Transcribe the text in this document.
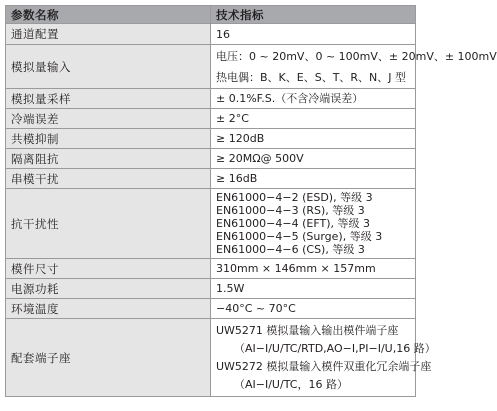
参数名称	技术指标
通道配置	16

模拟量输入	电压：0 ~ 20mV、0 ~ 100mV、± 20mV、± 100mV
热电偶：B、K、E、S、T、R、N、J 型

模拟量采样	± 0.1%F.S.（不含冷端误差）

冷端误差	± 2°C

共模抑制	≥ 120dB

隔离阻抗	≥ 20MΩ@ 500V

串模干扰	≥ 16dB

抗干扰性	EN61000−4−2 (ESD), 等级 3
EN61000−4−3 (RS), 等级 3
EN61000−4−4 (EFT), 等级 3
EN61000−4−5 (Surge), 等级 3
EN61000−4−6 (CS), 等级 3

模件尺寸	310mm × 146mm × 157mm

电源功耗	1.5W

环境温度	−40°C ~ 70°C

配套端子座	UW5271 模拟量输入输出模件端子座
（AI−I/U/TC/RTD,AO−I,PI−I/U,16 路）
UW5272 模拟量输入模件双重化冗余端子座
（AI−I/U/TC，16 路）
